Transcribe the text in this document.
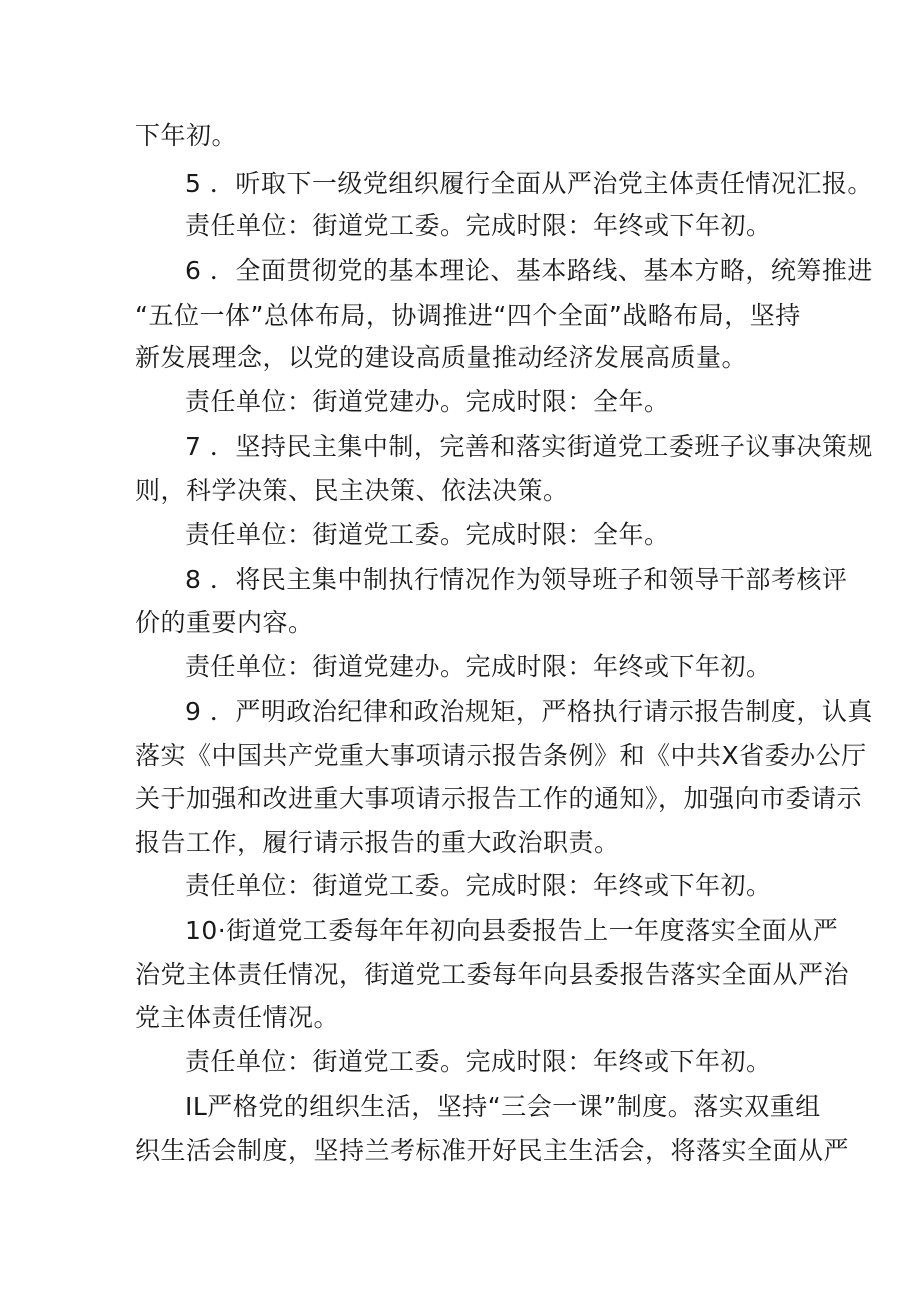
下年初。
5 ．听取下一级党组织履行全面从严治党主体责任情况汇报。
责任单位：街道党工委。完成时限：年终或下年初。
6 ．全面贯彻党的基本理论、基本路线、基本方略，统筹推进
“五位一体”总体布局，协调推进“四个全面”战略布局，坚持
新发展理念，以党的建设高质量推动经济发展高质量。
责任单位：街道党建办。完成时限：全年。
7 ．坚持民主集中制，完善和落实街道党工委班子议事决策规
则，科学决策、民主决策、依法决策。
责任单位：街道党工委。完成时限：全年。
8 ．将民主集中制执行情况作为领导班子和领导干部考核评
价的重要内容。
责任单位：街道党建办。完成时限：年终或下年初。
9 ．严明政治纪律和政治规矩，严格执行请示报告制度，认真
落实《中国共产党重大事项请示报告条例》和《中共X省委办公厅
关于加强和改进重大事项请示报告工作的通知》，加强向市委请示
报告工作，履行请示报告的重大政治职责。
责任单位：街道党工委。完成时限：年终或下年初。
10·街道党工委每年年初向县委报告上一年度落实全面从严
治党主体责任情况，街道党工委每年向县委报告落实全面从严治
党主体责任情况。
责任单位：街道党工委。完成时限：年终或下年初。
IL严格党的组织生活，坚持“三会一课”制度。落实双重组
织生活会制度，坚持兰考标准开好民主生活会，将落实全面从严
